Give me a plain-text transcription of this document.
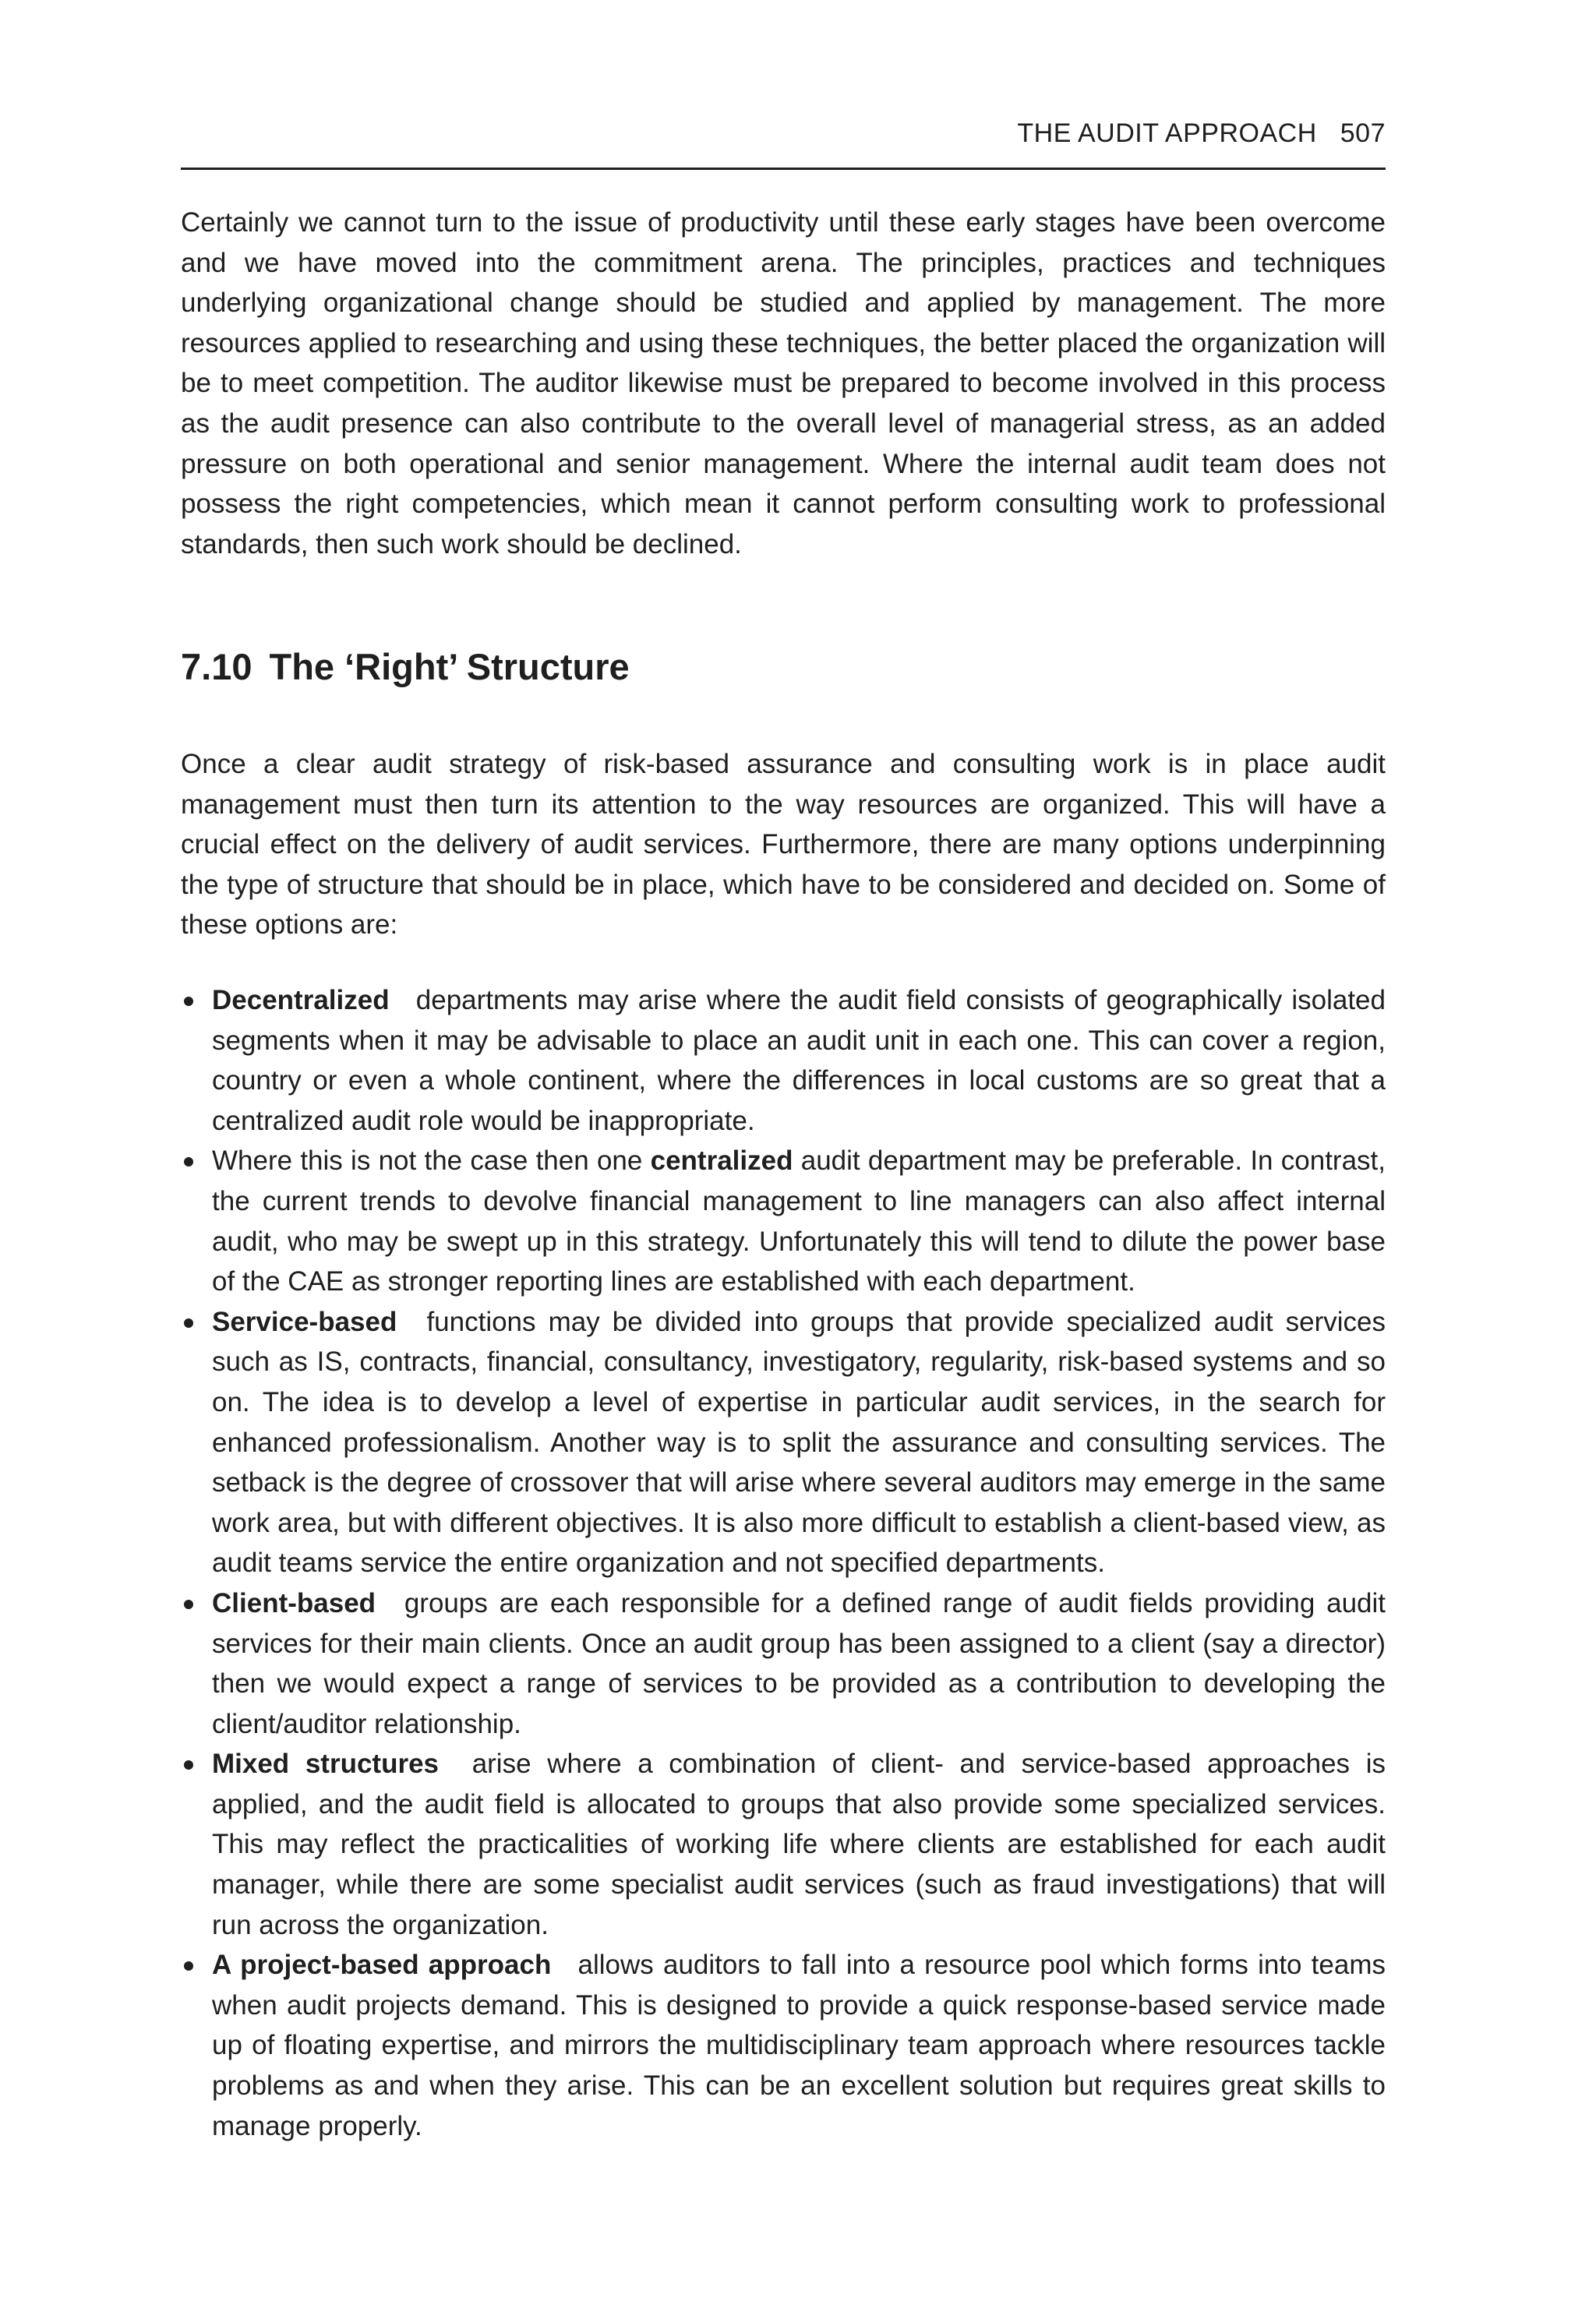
THE AUDIT APPROACH 507

Certainly we cannot turn to the issue of productivity until these early stages have been overcome and we have moved into the commitment arena. The principles, practices and techniques underlying organizational change should be studied and applied by management. The more resources applied to researching and using these techniques, the better placed the organization will be to meet competition. The auditor likewise must be prepared to become involved in this process as the audit presence can also contribute to the overall level of managerial stress, as an added pressure on both operational and senior management. Where the internal audit team does not possess the right competencies, which mean it cannot perform consulting work to professional standards, then such work should be declined.

7.10 The ‘Right’ Structure

Once a clear audit strategy of risk-based assurance and consulting work is in place audit management must then turn its attention to the way resources are organized. This will have a crucial effect on the delivery of audit services. Furthermore, there are many options underpinning the type of structure that should be in place, which have to be considered and decided on. Some of these options are:

Decentralized departments may arise where the audit field consists of geographically isolated segments when it may be advisable to place an audit unit in each one. This can cover a region, country or even a whole continent, where the differences in local customs are so great that a centralized audit role would be inappropriate.
Where this is not the case then one centralized audit department may be preferable. In contrast, the current trends to devolve financial management to line managers can also affect internal audit, who may be swept up in this strategy. Unfortunately this will tend to dilute the power base of the CAE as stronger reporting lines are established with each department.
Service-based functions may be divided into groups that provide specialized audit services such as IS, contracts, financial, consultancy, investigatory, regularity, risk-based systems and so on. The idea is to develop a level of expertise in particular audit services, in the search for enhanced professionalism. Another way is to split the assurance and consulting services. The setback is the degree of crossover that will arise where several auditors may emerge in the same work area, but with different objectives. It is also more difficult to establish a client-based view, as audit teams service the entire organization and not specified departments.
Client-based groups are each responsible for a defined range of audit fields providing audit services for their main clients. Once an audit group has been assigned to a client (say a director) then we would expect a range of services to be provided as a contribution to developing the client/auditor relationship.
Mixed structures arise where a combination of client- and service-based approaches is applied, and the audit field is allocated to groups that also provide some specialized services. This may reflect the practicalities of working life where clients are established for each audit manager, while there are some specialist audit services (such as fraud investigations) that will run across the organization.
A project-based approach allows auditors to fall into a resource pool which forms into teams when audit projects demand. This is designed to provide a quick response-based service made up of floating expertise, and mirrors the multidisciplinary team approach where resources tackle problems as and when they arise. This can be an excellent solution but requires great skills to manage properly.
